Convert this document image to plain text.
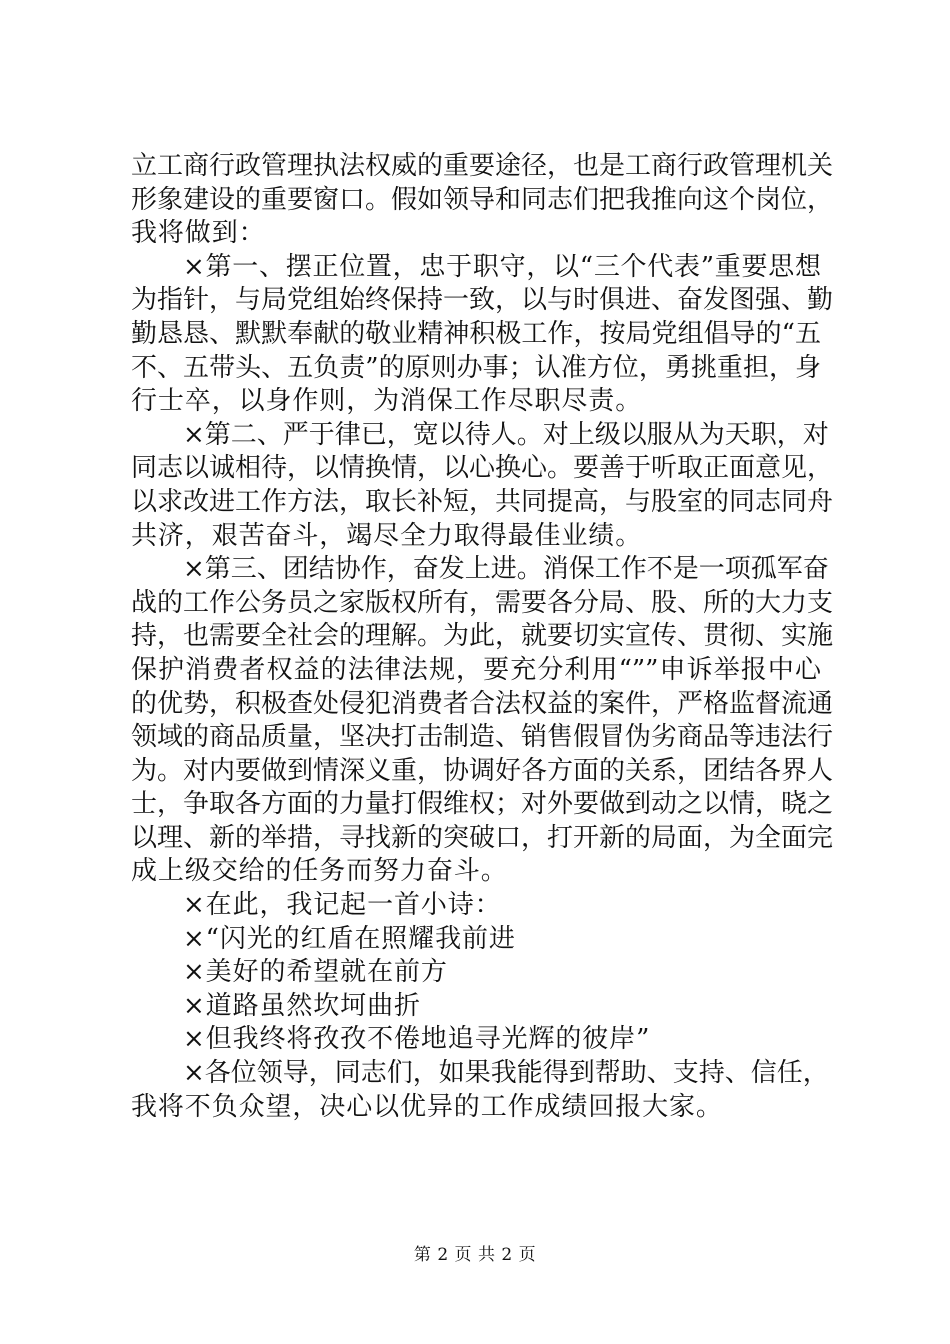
立工商行政管理执法权威的重要途径，也是工商行政管理机关
形象建设的重要窗口。假如领导和同志们把我推向这个岗位，
我将做到：
×第一、摆正位置，忠于职守，以“三个代表”重要思想
为指针，与局党组始终保持一致，以与时俱进、奋发图强、勤
勤恳恳、默默奉献的敬业精神积极工作，按局党组倡导的“五
不、五带头、五负责”的原则办事；认准方位，勇挑重担，身
行士卒，以身作则，为消保工作尽职尽责。
×第二、严于律已，宽以待人。对上级以服从为天职，对
同志以诚相待，以情换情，以心换心。要善于听取正面意见，
以求改进工作方法，取长补短，共同提高，与股室的同志同舟
共济，艰苦奋斗，竭尽全力取得最佳业绩。
×第三、团结协作，奋发上进。消保工作不是一项孤军奋
战的工作公务员之家版权所有，需要各分局、股、所的大力支
持，也需要全社会的理解。为此，就要切实宣传、贯彻、实施
保护消费者权益的法律法规，要充分利用“””申诉举报中心
的优势，积极查处侵犯消费者合法权益的案件，严格监督流通
领域的商品质量，坚决打击制造、销售假冒伪劣商品等违法行
为。对内要做到情深义重，协调好各方面的关系，团结各界人
士，争取各方面的力量打假维权；对外要做到动之以情，晓之
以理、新的举措，寻找新的突破口，打开新的局面，为全面完
成上级交给的任务而努力奋斗。
×在此，我记起一首小诗：
×“闪光的红盾在照耀我前进
×美好的希望就在前方
×道路虽然坎坷曲折
×但我终将孜孜不倦地追寻光辉的彼岸”
×各位领导，同志们，如果我能得到帮助、支持、信任，
我将不负众望，决心以优异的工作成绩回报大家。
第 2 页 共 2 页
